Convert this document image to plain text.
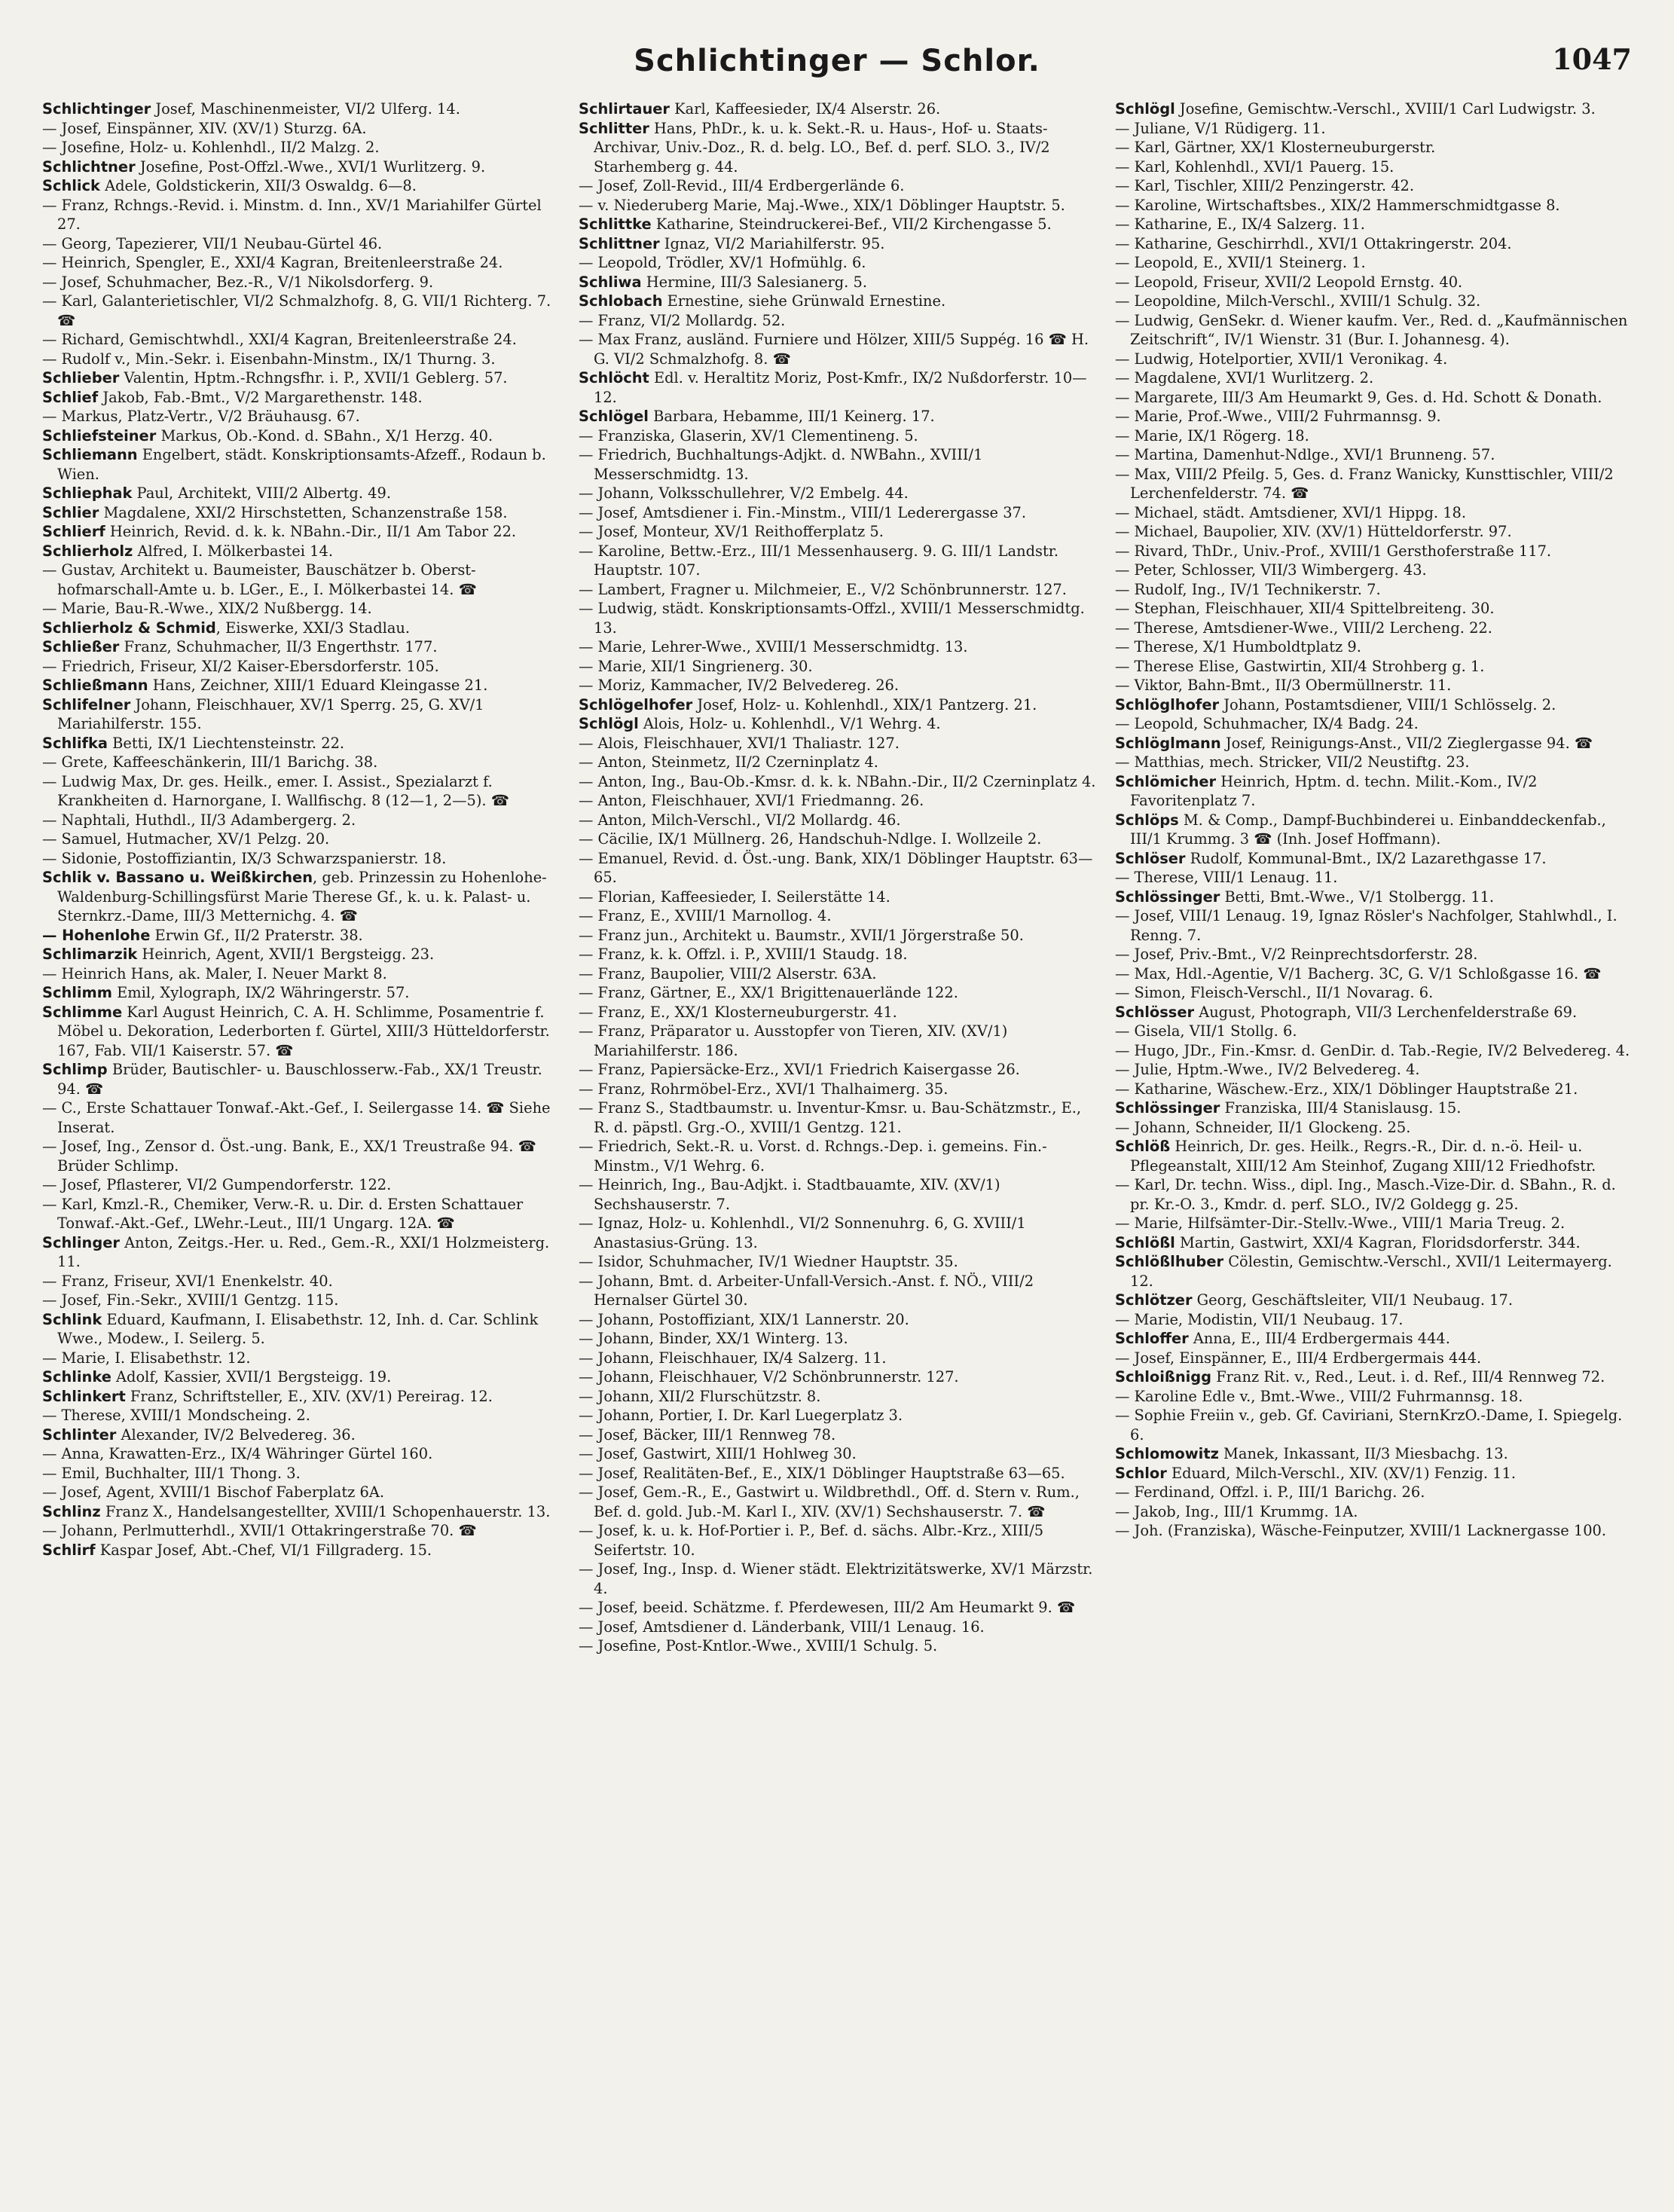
Schlichtinger — Schlor.	1047
Schlichtinger Josef, Maschinenmeister, VI/2 Ulferg. 14.
— Josef, Einspänner, XIV. (XV/1) Sturzg. 6A.
— Josefine, Holz- u. Kohlenhdl., II/2 Malzg. 2.
Schlichtner Josefine, Post-Offzl.-Wwe., XVI/1 Wurlitzerg. 9.
Schlick Adele, Goldstickerin, XII/3 Oswaldg. 6—8.
— Franz, Rchngs.-Revid. i. Minstm. d. Inn., XV/1 Mariahilfer Gürtel 27.
— Georg, Tapezierer, VII/1 Neubau-Gürtel 46.
— Heinrich, Spengler, E., XXI/4 Kagran, Breitenleerstraße 24.
— Josef, Schuhmacher, Bez.-R., V/1 Nikolsdorferg. 9.
— Karl, Galanterietischler, VI/2 Schmalzhofg. 8, G. VII/1 Richterg. 7. ☎
— Richard, Gemischtwhdl., XXI/4 Kagran, Breitenleerstraße 24.
— Rudolf v., Min.-Sekr. i. Eisenbahn-Minstm., IX/1 Thurng. 3.
Schlieber Valentin, Hptm.-Rchngsfhr. i. P., XVII/1 Geblerg. 57.
Schlief Jakob, Fab.-Bmt., V/2 Margarethenstr. 148.
— Markus, Platz-Vertr., V/2 Bräuhausg. 67.
Schliefsteiner Markus, Ob.-Kond. d. SBahn., X/1 Herzg. 40.
Schliemann Engelbert, städt. Konskriptionsamts-Afzeff., Rodaun b. Wien.
Schliephak Paul, Architekt, VIII/2 Albertg. 49.
Schlier Magdalene, XXI/2 Hirschstetten, Schanzenstraße 158.
Schlierf Heinrich, Revid. d. k. k. NBahn.-Dir., II/1 Am Tabor 22.
Schlierholz Alfred, I. Mölkerbastei 14.
— Gustav, Architekt u. Baumeister, Bauschätzer b. Oberst-hofmarschall-Amte u. b. LGer., E., I. Mölkerbastei 14. ☎
— Marie, Bau-R.-Wwe., XIX/2 Nußbergg. 14.
Schlierholz & Schmid, Eiswerke, XXI/3 Stadlau.
Schließer Franz, Schuhmacher, II/3 Engerthstr. 177.
— Friedrich, Friseur, XI/2 Kaiser-Ebersdorferstr. 105.
Schließmann Hans, Zeichner, XIII/1 Eduard Kleingasse 21.
Schlifelner Johann, Fleischhauer, XV/1 Sperrg. 25, G. XV/1 Mariahilferstr. 155.
Schlifka Betti, IX/1 Liechtensteinstr. 22.
— Grete, Kaffeeschänkerin, III/1 Barichg. 38.
— Ludwig Max, Dr. ges. Heilk., emer. I. Assist., Spezialarzt f. Krankheiten d. Harnorgane, I. Wallfischg. 8 (12—1, 2—5). ☎
— Naphtali, Huthdl., II/3 Adambergerg. 2.
— Samuel, Hutmacher, XV/1 Pelzg. 20.
— Sidonie, Postoffiziantin, IX/3 Schwarzspanierstr. 18.
Schlik v. Bassano u. Weißkirchen, geb. Prinzessin zu Hohenlohe-Waldenburg-Schillingsfürst Marie Therese Gf., k. u. k. Palast- u. Sternkrz.-Dame, III/3 Metternichg. 4. ☎
— Hohenlohe Erwin Gf., II/2 Praterstr. 38.
Schlimarzik Heinrich, Agent, XVII/1 Bergsteigg. 23.
— Heinrich Hans, ak. Maler, I. Neuer Markt 8.
Schlimm Emil, Xylograph, IX/2 Währingerstr. 57.
Schlimme Karl August Heinrich, C. A. H. Schlimme, Posamentrie f. Möbel u. Dekoration, Lederborten f. Gürtel, XIII/3 Hütteldorferstr. 167, Fab. VII/1 Kaiserstr. 57. ☎
Schlimp Brüder, Bautischler- u. Bauschlosserw.-Fab., XX/1 Treustr. 94. ☎
— C., Erste Schattauer Tonwaf.-Akt.-Gef., I. Seilergasse 14. ☎ Siehe Inserat.
— Josef, Ing., Zensor d. Öst.-ung. Bank, E., XX/1 Treustraße 94. ☎ Brüder Schlimp.
— Josef, Pflasterer, VI/2 Gumpendorferstr. 122.
— Karl, Kmzl.-R., Chemiker, Verw.-R. u. Dir. d. Ersten Schattauer Tonwaf.-Akt.-Gef., LWehr.-Leut., III/1 Ungarg. 12A. ☎
Schlinger Anton, Zeitgs.-Her. u. Red., Gem.-R., XXI/1 Holzmeisterg. 11.
— Franz, Friseur, XVI/1 Enenkelstr. 40.
— Josef, Fin.-Sekr., XVIII/1 Gentzg. 115.
Schlink Eduard, Kaufmann, I. Elisabethstr. 12, Inh. d. Car. Schlink Wwe., Modew., I. Seilerg. 5.
— Marie, I. Elisabethstr. 12.
Schlinke Adolf, Kassier, XVII/1 Bergsteigg. 19.
Schlinkert Franz, Schriftsteller, E., XIV. (XV/1) Pereirag. 12.
— Therese, XVIII/1 Mondscheing. 2.
Schlinter Alexander, IV/2 Belvedereg. 36.
— Anna, Krawatten-Erz., IX/4 Währinger Gürtel 160.
— Emil, Buchhalter, III/1 Thong. 3.
— Josef, Agent, XVIII/1 Bischof Faberplatz 6A.
Schlinz Franz X., Handelsangestellter, XVIII/1 Schopenhauerstr. 13.
— Johann, Perlmutterhdl., XVII/1 Ottakringerstraße 70. ☎
Schlirf Kaspar Josef, Abt.-Chef, VI/1 Fillgraderg. 15.
Schlirtauer Karl, Kaffeesieder, IX/4 Alserstr. 26.
Schlitter Hans, PhDr., k. u. k. Sekt.-R. u. Haus-, Hof- u. Staats-Archivar, Univ.-Doz., R. d. belg. LO., Bef. d. perf. SLO. 3., IV/2 Starhemberg g. 44.
— Josef, Zoll-Revid., III/4 Erdbergerlände 6.
— v. Niederuberg Marie, Maj.-Wwe., XIX/1 Döblinger Hauptstr. 5.
Schlittke Katharine, Steindruckerei-Bef., VII/2 Kirchengasse 5.
Schlittner Ignaz, VI/2 Mariahilferstr. 95.
— Leopold, Trödler, XV/1 Hofmühlg. 6.
Schliwa Hermine, III/3 Salesianerg. 5.
Schlobach Ernestine, siehe Grünwald Ernestine.
— Franz, VI/2 Mollardg. 52.
— Max Franz, ausländ. Furniere und Hölzer, XIII/5 Suppég. 16 ☎ H. G. VI/2 Schmalzhofg. 8. ☎
Schlöcht Edl. v. Heraltitz Moriz, Post-Kmfr., IX/2 Nußdorferstr. 10—12.
Schlögel Barbara, Hebamme, III/1 Keinerg. 17.
— Franziska, Glaserin, XV/1 Clementineng. 5.
— Friedrich, Buchhaltungs-Adjkt. d. NWBahn., XVIII/1 Messerschmidtg. 13.
— Johann, Volksschullehrer, V/2 Embelg. 44.
— Josef, Amtsdiener i. Fin.-Minstm., VIII/1 Lederergasse 37.
— Josef, Monteur, XV/1 Reithofferplatz 5.
— Karoline, Bettw.-Erz., III/1 Messenhauserg. 9. G. III/1 Landstr. Hauptstr. 107.
— Lambert, Fragner u. Milchmeier, E., V/2 Schönbrunnerstr. 127.
— Ludwig, städt. Konskriptionsamts-Offzl., XVIII/1 Messerschmidtg. 13.
— Marie, Lehrer-Wwe., XVIII/1 Messerschmidtg. 13.
— Marie, XII/1 Singrienerg. 30.
— Moriz, Kammacher, IV/2 Belvedereg. 26.
Schlögelhofer Josef, Holz- u. Kohlenhdl., XIX/1 Pantzerg. 21.
Schlögl Alois, Holz- u. Kohlenhdl., V/1 Wehrg. 4.
— Alois, Fleischhauer, XVI/1 Thaliastr. 127.
— Anton, Steinmetz, II/2 Czerninplatz 4.
— Anton, Ing., Bau-Ob.-Kmsr. d. k. k. NBahn.-Dir., II/2 Czerninplatz 4.
— Anton, Fleischhauer, XVI/1 Friedmanng. 26.
— Anton, Milch-Verschl., VI/2 Mollardg. 46.
— Cäcilie, IX/1 Müllnerg. 26, Handschuh-Ndlge. I. Wollzeile 2.
— Emanuel, Revid. d. Öst.-ung. Bank, XIX/1 Döblinger Hauptstr. 63—65.
— Florian, Kaffeesieder, I. Seilerstätte 14.
— Franz, E., XVIII/1 Marnollog. 4.
— Franz jun., Architekt u. Baumstr., XVII/1 Jörgerstraße 50.
— Franz, k. k. Offzl. i. P., XVIII/1 Staudg. 18.
— Franz, Baupolier, VIII/2 Alserstr. 63A.
— Franz, Gärtner, E., XX/1 Brigittenauerlände 122.
— Franz, E., XX/1 Klosterneuburgerstr. 41.
— Franz, Präparator u. Ausstopfer von Tieren, XIV. (XV/1) Mariahilferstr. 186.
— Franz, Papiersäcke-Erz., XVI/1 Friedrich Kaisergasse 26.
— Franz, Rohrmöbel-Erz., XVI/1 Thalhaimerg. 35.
— Franz S., Stadtbaumstr. u. Inventur-Kmsr. u. Bau-Schätzmstr., E., R. d. päpstl. Grg.-O., XVIII/1 Gentzg. 121.
— Friedrich, Sekt.-R. u. Vorst. d. Rchngs.-Dep. i. gemeins. Fin.-Minstm., V/1 Wehrg. 6.
— Heinrich, Ing., Bau-Adjkt. i. Stadtbauamte, XIV. (XV/1) Sechshauserstr. 7.
— Ignaz, Holz- u. Kohlenhdl., VI/2 Sonnenuhrg. 6, G. XVIII/1 Anastasius-Grüng. 13.
— Isidor, Schuhmacher, IV/1 Wiedner Hauptstr. 35.
— Johann, Bmt. d. Arbeiter-Unfall-Versich.-Anst. f. NÖ., VIII/2 Hernalser Gürtel 30.
— Johann, Postoffiziant, XIX/1 Lannerstr. 20.
— Johann, Binder, XX/1 Winterg. 13.
— Johann, Fleischhauer, IX/4 Salzerg. 11.
— Johann, Fleischhauer, V/2 Schönbrunnerstr. 127.
— Johann, XII/2 Flurschützstr. 8.
— Johann, Portier, I. Dr. Karl Luegerplatz 3.
— Josef, Bäcker, III/1 Rennweg 78.
— Josef, Gastwirt, XIII/1 Hohlweg 30.
— Josef, Realitäten-Bef., E., XIX/1 Döblinger Hauptstraße 63—65.
— Josef, Gem.-R., E., Gastwirt u. Wildbrethdl., Off. d. Stern v. Rum., Bef. d. gold. Jub.-M. Karl I., XIV. (XV/1) Sechshauserstr. 7. ☎
— Josef, k. u. k. Hof-Portier i. P., Bef. d. sächs. Albr.-Krz., XIII/5 Seifertstr. 10.
— Josef, Ing., Insp. d. Wiener städt. Elektrizitätswerke, XV/1 Märzstr. 4.
— Josef, beeid. Schätzme. f. Pferdewesen, III/2 Am Heumarkt 9. ☎
— Josef, Amtsdiener d. Länderbank, VIII/1 Lenaug. 16.
— Josefine, Post-Kntlor.-Wwe., XVIII/1 Schulg. 5.
Schlögl Josefine, Gemischtw.-Verschl., XVIII/1 Carl Ludwigstr. 3.
— Juliane, V/1 Rüdigerg. 11.
— Karl, Gärtner, XX/1 Klosterneuburgerstr.
— Karl, Kohlenhdl., XVI/1 Pauerg. 15.
— Karl, Tischler, XIII/2 Penzingerstr. 42.
— Karoline, Wirtschaftsbes., XIX/2 Hammerschmidtgasse 8.
— Katharine, E., IX/4 Salzerg. 11.
— Katharine, Geschirrhdl., XVI/1 Ottakringerstr. 204.
— Leopold, E., XVII/1 Steinerg. 1.
— Leopold, Friseur, XVII/2 Leopold Ernstg. 40.
— Leopoldine, Milch-Verschl., XVIII/1 Schulg. 32.
— Ludwig, GenSekr. d. Wiener kaufm. Ver., Red. d. „Kaufmännischen Zeitschrift“, IV/1 Wienstr. 31 (Bur. I. Johannesg. 4).
— Ludwig, Hotelportier, XVII/1 Veronikag. 4.
— Magdalene, XVI/1 Wurlitzerg. 2.
— Margarete, III/3 Am Heumarkt 9, Ges. d. Hd. Schott & Donath.
— Marie, Prof.-Wwe., VIII/2 Fuhrmannsg. 9.
— Marie, IX/1 Rögerg. 18.
— Martina, Damenhut-Ndlge., XVI/1 Brunneng. 57.
— Max, VIII/2 Pfeilg. 5, Ges. d. Franz Wanicky, Kunsttischler, VIII/2 Lerchenfelderstr. 74. ☎
— Michael, städt. Amtsdiener, XVI/1 Hippg. 18.
— Michael, Baupolier, XIV. (XV/1) Hütteldorferstr. 97.
— Rivard, ThDr., Univ.-Prof., XVIII/1 Gersthoferstraße 117.
— Peter, Schlosser, VII/3 Wimbergerg. 43.
— Rudolf, Ing., IV/1 Technikerstr. 7.
— Stephan, Fleischhauer, XII/4 Spittelbreiteng. 30.
— Therese, Amtsdiener-Wwe., VIII/2 Lercheng. 22.
— Therese, X/1 Humboldtplatz 9.
— Therese Elise, Gastwirtin, XII/4 Strohberg g. 1.
— Viktor, Bahn-Bmt., II/3 Obermüllnerstr. 11.
Schlöglhofer Johann, Postamtsdiener, VIII/1 Schlösselg. 2.
— Leopold, Schuhmacher, IX/4 Badg. 24.
Schlöglmann Josef, Reinigungs-Anst., VII/2 Zieglergasse 94. ☎
— Matthias, mech. Stricker, VII/2 Neustiftg. 23.
Schlömicher Heinrich, Hptm. d. techn. Milit.-Kom., IV/2 Favoritenplatz 7.
Schlöps M. & Comp., Dampf-Buchbinderei u. Einbanddeckenfab., III/1 Krummg. 3 ☎ (Inh. Josef Hoffmann).
Schlöser Rudolf, Kommunal-Bmt., IX/2 Lazarethgasse 17.
— Therese, VIII/1 Lenaug. 11.
Schlössinger Betti, Bmt.-Wwe., V/1 Stolbergg. 11.
— Josef, VIII/1 Lenaug. 19, Ignaz Rösler's Nachfolger, Stahlwhdl., I. Renng. 7.
— Josef, Priv.-Bmt., V/2 Reinprechtsdorferstr. 28.
— Max, Hdl.-Agentie, V/1 Bacherg. 3C, G. V/1 Schloßgasse 16. ☎
— Simon, Fleisch-Verschl., II/1 Novarag. 6.
Schlösser August, Photograph, VII/3 Lerchenfelderstraße 69.
— Gisela, VII/1 Stollg. 6.
— Hugo, JDr., Fin.-Kmsr. d. GenDir. d. Tab.-Regie, IV/2 Belvedereg. 4.
— Julie, Hptm.-Wwe., IV/2 Belvedereg. 4.
— Katharine, Wäschew.-Erz., XIX/1 Döblinger Hauptstraße 21.
Schlössinger Franziska, III/4 Stanislausg. 15.
— Johann, Schneider, II/1 Glockeng. 25.
Schlöß Heinrich, Dr. ges. Heilk., Regrs.-R., Dir. d. n.-ö. Heil- u. Pflegeanstalt, XIII/12 Am Steinhof, Zugang XIII/12 Friedhofstr.
— Karl, Dr. techn. Wiss., dipl. Ing., Masch.-Vize-Dir. d. SBahn., R. d. pr. Kr.-O. 3., Kmdr. d. perf. SLO., IV/2 Goldegg g. 25.
— Marie, Hilfsämter-Dir.-Stellv.-Wwe., VIII/1 Maria Treug. 2.
Schlößl Martin, Gastwirt, XXI/4 Kagran, Floridsdorferstr. 344.
Schlößlhuber Cölestin, Gemischtw.-Verschl., XVII/1 Leitermayerg. 12.
Schlötzer Georg, Geschäftsleiter, VII/1 Neubaug. 17.
— Marie, Modistin, VII/1 Neubaug. 17.
Schloffer Anna, E., III/4 Erdbergermais 444.
— Josef, Einspänner, E., III/4 Erdbergermais 444.
Schloißnigg Franz Rit. v., Red., Leut. i. d. Ref., III/4 Rennweg 72.
— Karoline Edle v., Bmt.-Wwe., VIII/2 Fuhrmannsg. 18.
— Sophie Freiin v., geb. Gf. Caviriani, SternKrzO.-Dame, I. Spiegelg. 6.
Schlomowitz Manek, Inkassant, II/3 Miesbachg. 13.
Schlor Eduard, Milch-Verschl., XIV. (XV/1) Fenzig. 11.
— Ferdinand, Offzl. i. P., III/1 Barichg. 26.
— Jakob, Ing., III/1 Krummg. 1A.
— Joh. (Franziska), Wäsche-Feinputzer, XVIII/1 Lacknergasse 100.
